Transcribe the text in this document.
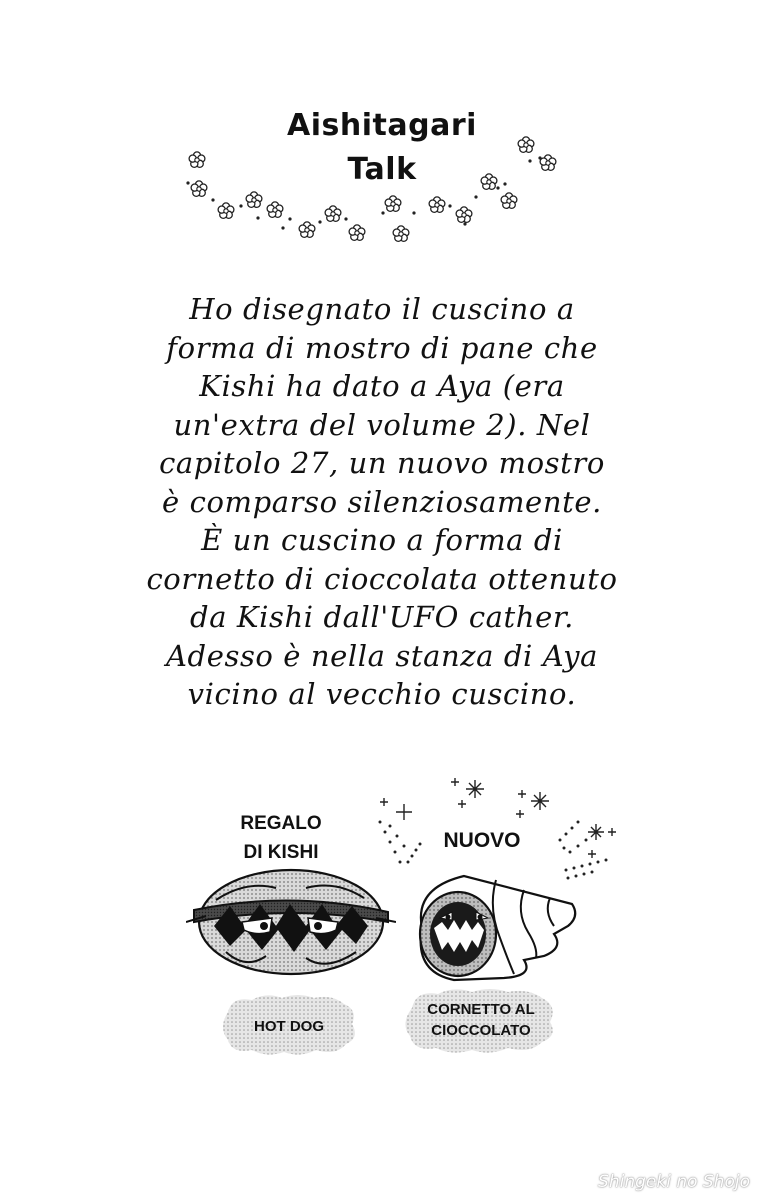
Aishitagari
Talk
Ho disegnato il cuscino a
forma di mostro di pane che
Kishi ha dato a Aya (era
un'extra del volume 2). Nel
capitolo 27, un nuovo mostro
è comparso silenziosamente.
È un cuscino a forma di
cornetto di cioccolata ottenuto
da Kishi dall'UFO cather.
Adesso è nella stanza di Aya
vicino al vecchio cuscino.
REGALO
DI KISHI
NUOVO
HOT DOG
CORNETTO AL
CIOCCOLATO
Shingeki no Shojo
